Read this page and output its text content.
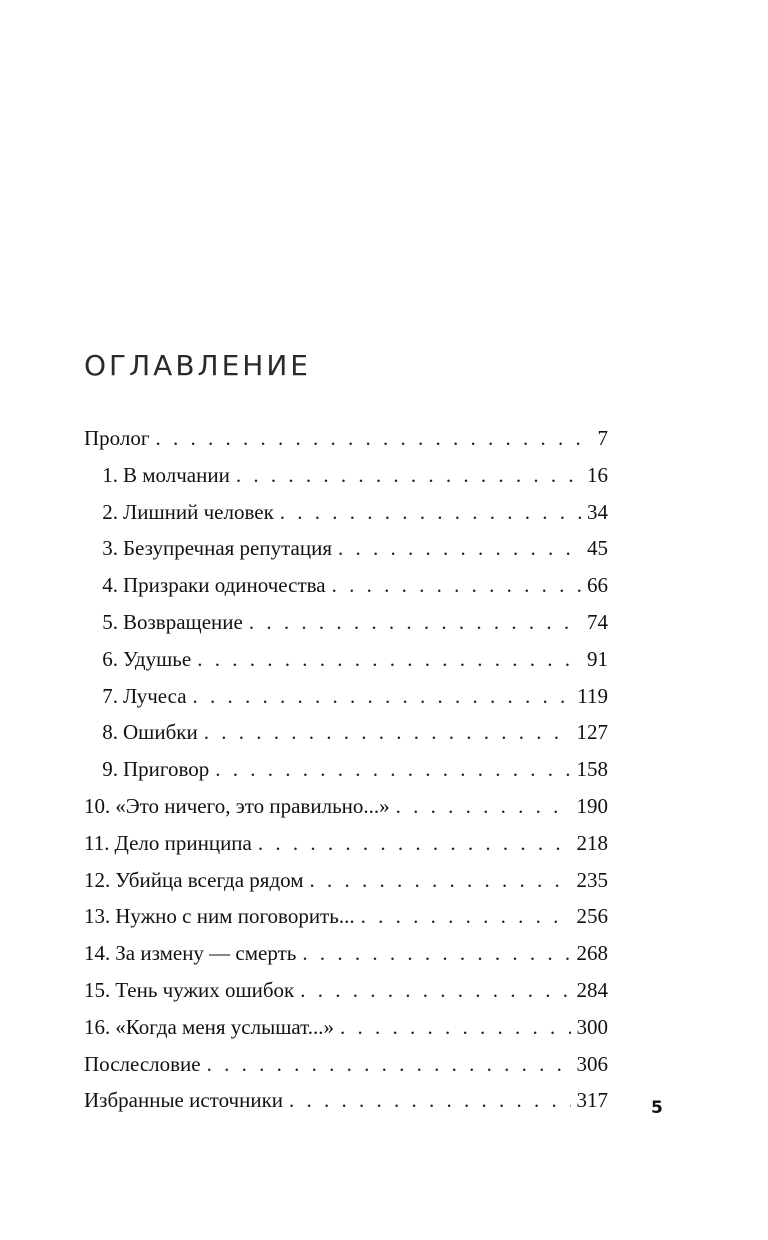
ОГЛАВЛЕНИЕ
Пролог . . .	7
1. В молчании . . .	16
2. Лишний человек . . .	34
3. Безупречная репутация . . .	45
4. Призраки одиночества . . .	66
5. Возвращение . . .	74
6. Удушье . . .	91
7. Лучеса . . .	119
8. Ошибки . . .	127
9. Приговор . . .	158
10. «Это ничего, это правильно...» . . .	190
11. Дело принципа . . .	218
12. Убийца всегда рядом . . .	235
13. Нужно с ним поговорить... . . .	256
14. За измену — смерть . . .	268
15. Тень чужих ошибок . . .	284
16. «Когда меня услышат...» . . .	300
Послесловие . . .	306
Избранные источники . . .	317	5
